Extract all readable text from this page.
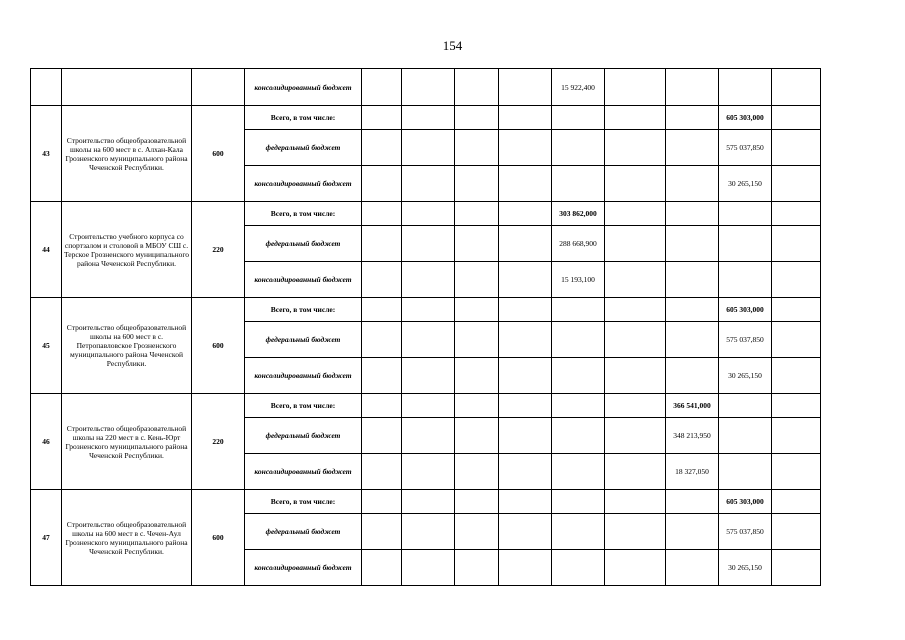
154
			консолидированный бюджет					15 922,400				
43	Строительство общеобразовательной школы на 600 мест в с. Алхан-Кала Грозненского муниципального района Чеченской Республики.	600	Всего, в том числе:								605 303,000	
			федеральный бюджет								575 037,850	
			консолидированный бюджет								30 265,150	
44	Строительство учебного корпуса со спортзалом и столовой в МБОУ СШ с. Терское Грозненского муниципального района Чеченской Республики.	220	Всего, в том числе:					303 862,000				
			федеральный бюджет					288 668,900				
			консолидированный бюджет					15 193,100				
45	Строительство общеобразовательной школы на 600 мест в с. Петропавловское Грозненского муниципального района Чеченской Республики.	600	Всего, в том числе:								605 303,000	
			федеральный бюджет								575 037,850	
			консолидированный бюджет								30 265,150	
46	Строительство общеобразовательной школы на 220 мест в с. Кень-Юрт Грозненского муниципального района Чеченской Республики.	220	Всего, в том числе:							366 541,000		
			федеральный бюджет							348 213,950		
			консолидированный бюджет							18 327,050		
47	Строительство общеобразовательной школы на 600 мест в с. Чечен-Аул Грозненского муниципального района Чеченской Республики.	600	Всего, в том числе:								605 303,000	
			федеральный бюджет								575 037,850	
			консолидированный бюджет								30 265,150	
